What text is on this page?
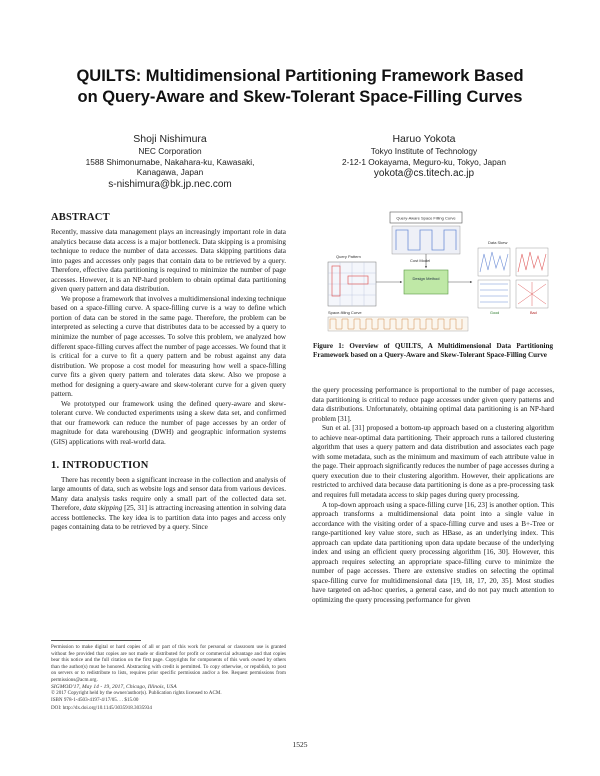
QUILTS: Multidimensional Partitioning Framework Based
on Query-Aware and Skew-Tolerant Space-Filling Curves
Shoji Nishimura
NEC Corporation
1588 Shimonumabe, Nakahara-ku, Kawasaki,
Kanagawa, Japan
s-nishimura@bk.jp.nec.com
Haruo Yokota
Tokyo Institute of Technology
2-12-1 Ookayama, Meguro-ku, Tokyo, Japan
yokota@cs.titech.ac.jp
ABSTRACT

Recently, massive data management plays an increasingly important role in data analytics because data access is a major bottleneck. Data skipping is a promising technique to reduce the number of data accesses. Data skipping partitions data into pages and accesses only pages that contain data to be retrieved by a query. Therefore, effective data partitioning is required to minimize the number of page accesses. However, it is an NP-hard problem to obtain optimal data partitioning given query pattern and data distribution.

We propose a framework that involves a multidimensional indexing technique based on a space-filling curve. A space-filling curve is a way to define which portion of data can be stored in the same page. Therefore, the problem can be interpreted as selecting a curve that distributes data to be accessed by a query to minimize the number of page accesses. To solve this problem, we analyzed how different space-filling curves affect the number of page accesses. We found that it is critical for a curve to fit a query pattern and be robust against any data distribution. We propose a cost model for measuring how well a space-filling curve fits a given query pattern and tolerates data skew. Also we propose a method for designing a query-aware and skew-tolerant curve for a given query pattern.

We prototyped our framework using the defined query-aware and skew-tolerant curve. We conducted experiments using a skew data set, and confirmed that our framework can reduce the number of page accesses by an order of magnitude for data warehousing (DWH) and geographic information systems (GIS) applications with real-world data.

1. INTRODUCTION

There has recently been a significant increase in the collection and analysis of large amounts of data, such as website logs and sensor data from various devices. Many data analysis tasks require only a small part of the collected data set. Therefore, data skipping [25, 31] is attracting increasing attention in solving data access bottlenecks. The key idea is to partition data into pages and access only pages containing data to be retrieved by a query. Since

Permission to make digital or hard copies of all or part of this work for personal or classroom use is granted without fee provided that copies are not made or distributed for profit or commercial advantage and that copies bear this notice and the full citation on the first page. Copyrights for components of this work owned by others than the author(s) must be honored. Abstracting with credit is permitted. To copy otherwise, or republish, to post on servers or to redistribute to lists, requires prior specific permission and/or a fee. Request permissions from permissions@acm.org.

SIGMOD'17, May 14 - 19, 2017, Chicago, Illinois, USA

© 2017 Copyright held by the owner/author(s). Publication rights licensed to ACM.

ISBN 978-1-4503-4197-4/17/05. . . $15.00

DOI: http://dx.doi.org/10.1145/3035918.3035934

Query-Aware Space Filling Curve
Query Pattern
Cost Model
Design Method
Data Skew
Good	Bad
Space-filling Curve
Figure 1: Overview of QUILTS, A Multidimensional Data Partitioning Framework based on a Query-Aware and Skew-Tolerant Space-Filling Curve

the query processing performance is proportional to the number of page accesses, data partitioning is critical to reduce page accesses under given query patterns and data distributions. Unfortunately, obtaining optimal data partitioning is an NP-hard problem [31].

Sun et al. [31] proposed a bottom-up approach based on a clustering algorithm to achieve near-optimal data partitioning. Their approach runs a tailored clustering algorithm that uses a query pattern and data distribution and associates each page with some metadata, such as the minimum and maximum of each attribute value in the page. Their approach significantly reduces the number of page accesses during a query execution due to their clustering algorithm. However, their applications are restricted to archived data because data partitioning is done as a pre-processing task and requires full metadata access to skip pages during query processing.

A top-down approach using a space-filling curve [16, 23] is another option. This approach transforms a multidimensional data point into a single value in accordance with the visiting order of a space-filling curve and uses a B+-Tree or range-partitioned key value store, such as HBase, as an underlying index. This approach can update data partitioning upon data update because of the underlying index and using an efficient query processing algorithm [16, 30]. However, this approach requires selecting an appropriate space-filling curve to minimize the number of page accesses. There are extensive studies on selecting the optimal space-filling curve for multidimensional data [19, 18, 17, 20, 35]. Most studies have targeted on ad-hoc queries, a general case, and do not pay much attention to optimizing the query processing performance for given

1525
